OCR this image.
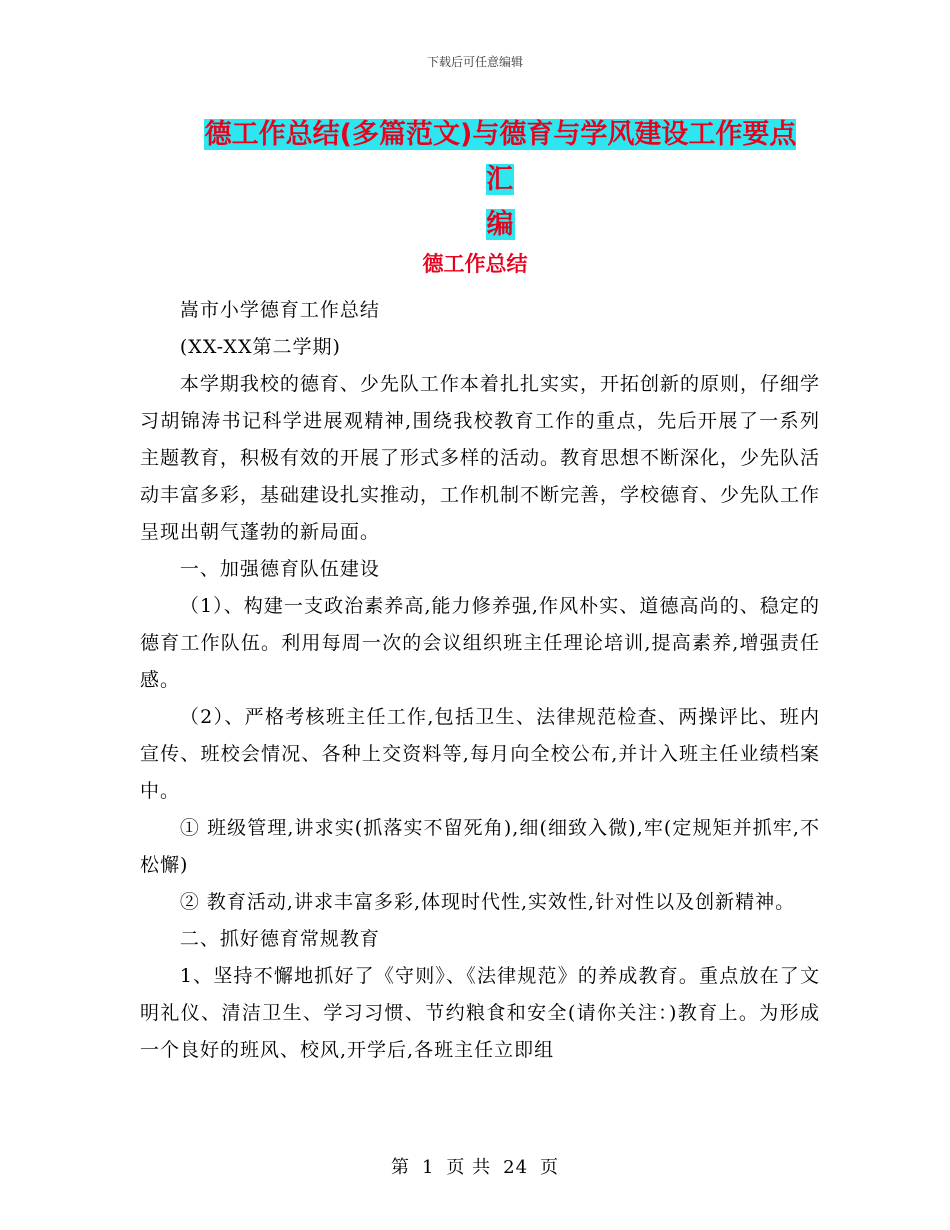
下载后可任意编辑
德工作总结(多篇范文)与德育与学风建设工作要点汇
编
德工作总结

嵩市小学德育工作总结

(XX-XX第二学期)

本学期我校的德育、少先队工作本着扎扎实实，开拓创新的原则，仔细学习胡锦涛书记科学进展观精神,围绕我校教育工作的重点，先后开展了一系列主题教育，积极有效的开展了形式多样的活动。教育思想不断深化，少先队活动丰富多彩，基础建设扎实推动，工作机制不断完善，学校德育、少先队工作呈现出朝气蓬勃的新局面。

一、加强德育队伍建设

（1）、构建一支政治素养高,能力修养强,作风朴实、道德高尚的、稳定的德育工作队伍。利用每周一次的会议组织班主任理论培训,提高素养,增强责任感。

（2）、严格考核班主任工作,包括卫生、法律规范检查、两操评比、班内宣传、班校会情况、各种上交资料等,每月向全校公布,并计入班主任业绩档案中。

① 班级管理,讲求实(抓落实不留死角),细(细致入微),牢(定规矩并抓牢,不松懈)

② 教育活动,讲求丰富多彩,体现时代性,实效性,针对性以及创新精神。

二、抓好德育常规教育

1、坚持不懈地抓好了《守则》、《法律规范》的养成教育。重点放在了文明礼仪、清洁卫生、学习习惯、节约粮食和安全(请你关注：)教育上。为形成一个良好的班风、校风,开学后,各班主任立即组

第 1 页 共 24 页
